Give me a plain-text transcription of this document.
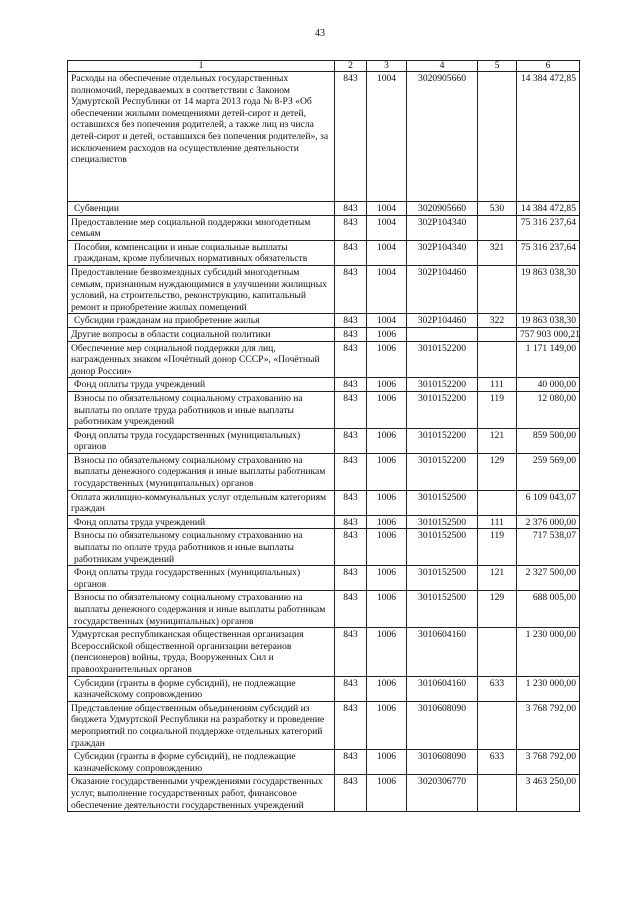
43
1	2	3	4	5	6
Расходы на обеспечение отдельных государственных полномочий, передаваемых в соответствии с Законом Удмуртской Республики от 14 марта 2013 года № 8-РЗ «Об обеспечении жилыми помещениями детей-сирот и детей, оставшихся без попечения родителей, а также лиц из числа детей-сирот и детей, оставшихся без попечения родителей», за исключением расходов на осуществление деятельности специалистов	843	1004	3020905660		14 384 472,85
Субвенции	843	1004	3020905660	530	14 384 472,85
Предоставление мер социальной поддержки многодетным семьям	843	1004	302Р104340		75 316 237,64
Пособия, компенсации и иные социальные выплаты гражданам, кроме публичных нормативных обязательств	843	1004	302Р104340	321	75 316 237,64
Предоставление безвозмездных субсидий многодетным семьям, признанным нуждающимися в улучшении жилищных условий, на строительство, реконструкцию, капитальный ремонт и приобретение жилых помещений	843	1004	302Р104460		19 863 038,30
Субсидии гражданам на приобретение жилья	843	1004	302Р104460	322	19 863 038,30
Другие вопросы в области социальной политики	843	1006			757 903 000,21
Обеспечение мер социальной поддержки для лиц, награжденных знаком «Почётный донор СССР», «Почётный донор России»	843	1006	3010152200		1 171 149,00
Фонд оплаты труда учреждений	843	1006	3010152200	111	40 000,00
Взносы по обязательному социальному страхованию на выплаты по оплате труда работников и иные выплаты работникам учреждений	843	1006	3010152200	119	12 080,00
Фонд оплаты труда государственных (муниципальных) органов	843	1006	3010152200	121	859 500,00
Взносы по обязательному социальному страхованию на выплаты денежного содержания и иные выплаты работникам государственных (муниципальных) органов	843	1006	3010152200	129	259 569,00
Оплата жилищно-коммунальных услуг отдельным категориям граждан	843	1006	3010152500		6 109 043,07
Фонд оплаты труда учреждений	843	1006	3010152500	111	2 376 000,00
Взносы по обязательному социальному страхованию на выплаты по оплате труда работников и иные выплаты работникам учреждений	843	1006	3010152500	119	717 538,07
Фонд оплаты труда государственных (муниципальных) органов	843	1006	3010152500	121	2 327 500,00
Взносы по обязательному социальному страхованию на выплаты денежного содержания и иные выплаты работникам государственных (муниципальных) органов	843	1006	3010152500	129	688 005,00
Удмуртская республиканская общественная организация Всероссийской общественной организации ветеранов (пенсионеров) войны, труда, Вооруженных Сил и правоохранительных органов	843	1006	3010604160		1 230 000,00
Субсидии (гранты в форме субсидий), не подлежащие казначейскому сопровождению	843	1006	3010604160	633	1 230 000,00
Представление общественным объединениям субсидий из бюджета Удмуртской Республики на разработку и проведение мероприятий по социальной поддержке отдельных категорий граждан	843	1006	3010608090		3 768 792,00
Субсидии (гранты в форме субсидий), не подлежащие казначейскому сопровождению	843	1006	3010608090	633	3 768 792,00
Оказание государственными учреждениями государственных услуг, выполнение государственных работ, финансовое обеспечение деятельности государственных учреждений	843	1006	3020306770		3 463 250,00
